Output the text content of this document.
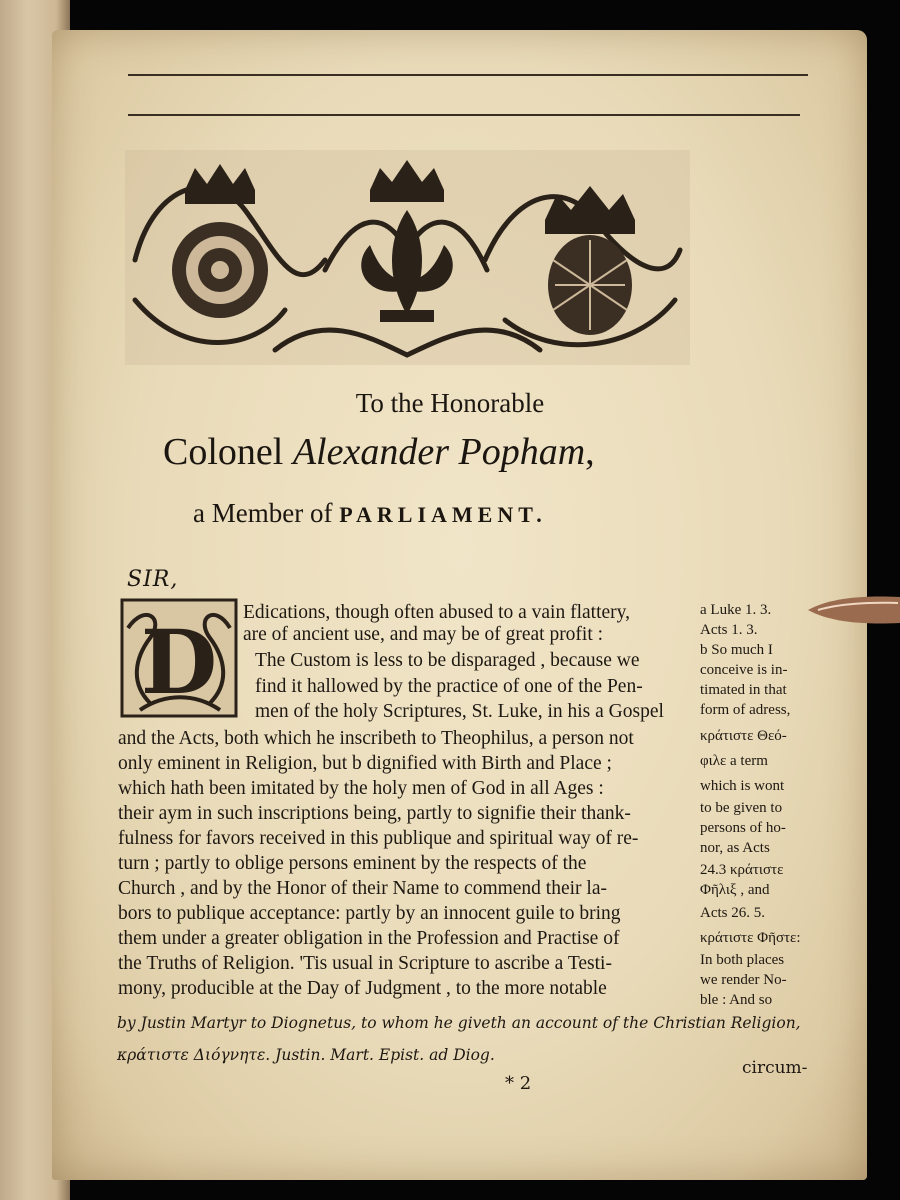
To the Honorable
Colonel Alexander Popham,
a Member of PARLIAMENT.
SIR,
D Edications, though often abused to a vain flattery,
are of ancient use, and may be of great profit :
The Custom is less to be disparaged , because we
find it hallowed by the practice of one of the Pen-
men of the holy Scriptures, St. Luke, in his a Gospel
and the Acts, both which he inscribeth to Theophilus, a person not
only eminent in Religion, but b dignified with Birth and Place ;
which hath been imitated by the holy men of God in all Ages :
their aym in such inscriptions being, partly to signifie their thank-
fulness for favors received in this publique and spiritual way of re-
turn ; partly to oblige persons eminent by the respects of the
Church , and by the Honor of their Name to commend their la-
bors to publique acceptance: partly by an innocent guile to bring
them under a greater obligation in the Profession and Practise of
the Truths of Religion. 'Tis usual in Scripture to ascribe a Testi-
mony, producible at the Day of Judgment , to the more notable
a Luke 1. 3.
Acts 1. 3.
b So much I
conceive is in-
timated in that
form of adress,
κράτιστε Θεό-
φιλε a term
which is wont
to be given to
persons of ho-
nor, as Acts
24.3 κράτιστε
Φῆλιξ , and
Acts 26. 5.
κράτιστε Φῆστε:
In both places
we render No-
ble : And so
by Justin Martyr to Diognetus, to whom he giveth an account of the Christian Religion,
κράτιστε Διόγνητε. Justin. Mart. Epist. ad Diog.
* 2
circum-
